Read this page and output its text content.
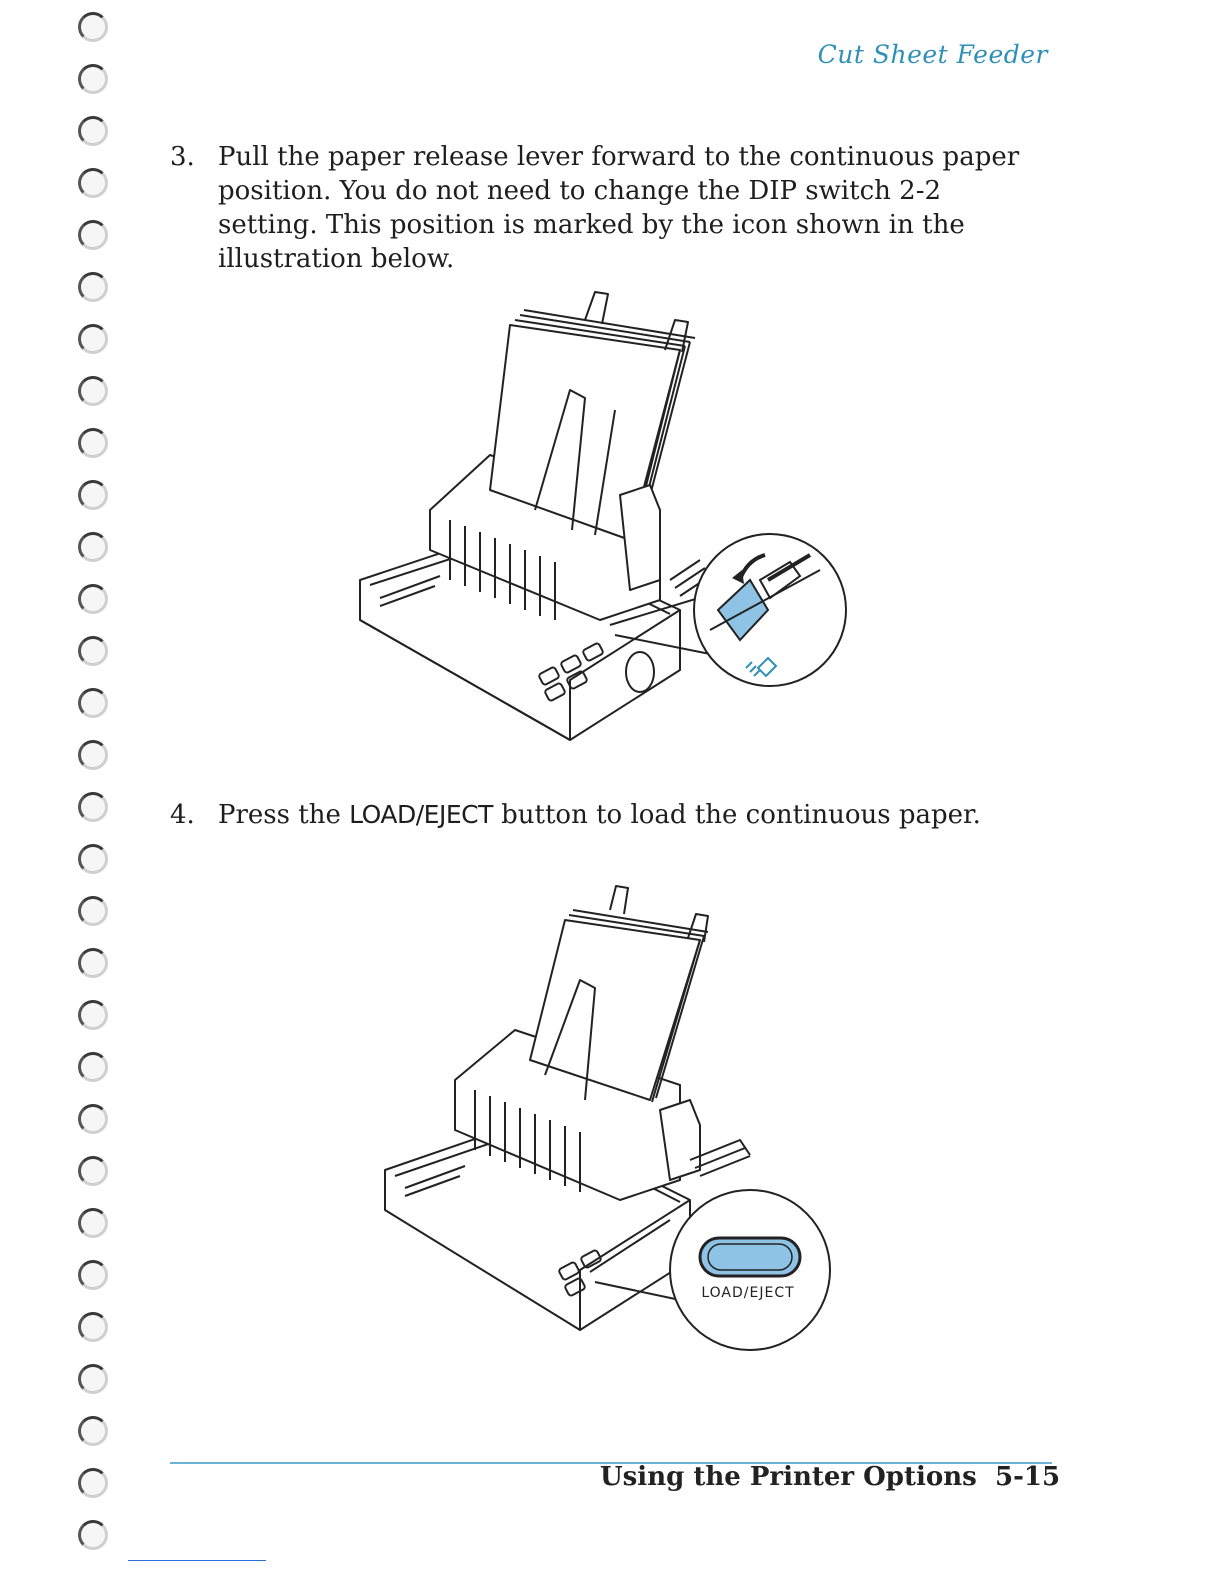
Cut Sheet Feeder
3. Pull the paper release lever forward to the continuous paper position. You do not need to change the DIP switch 2-2 setting. This position is marked by the icon shown in the illustration below.
4. Press the LOAD/EJECT button to load the continuous paper.
LOAD/EJECT
Using the Printer Options 5-15
